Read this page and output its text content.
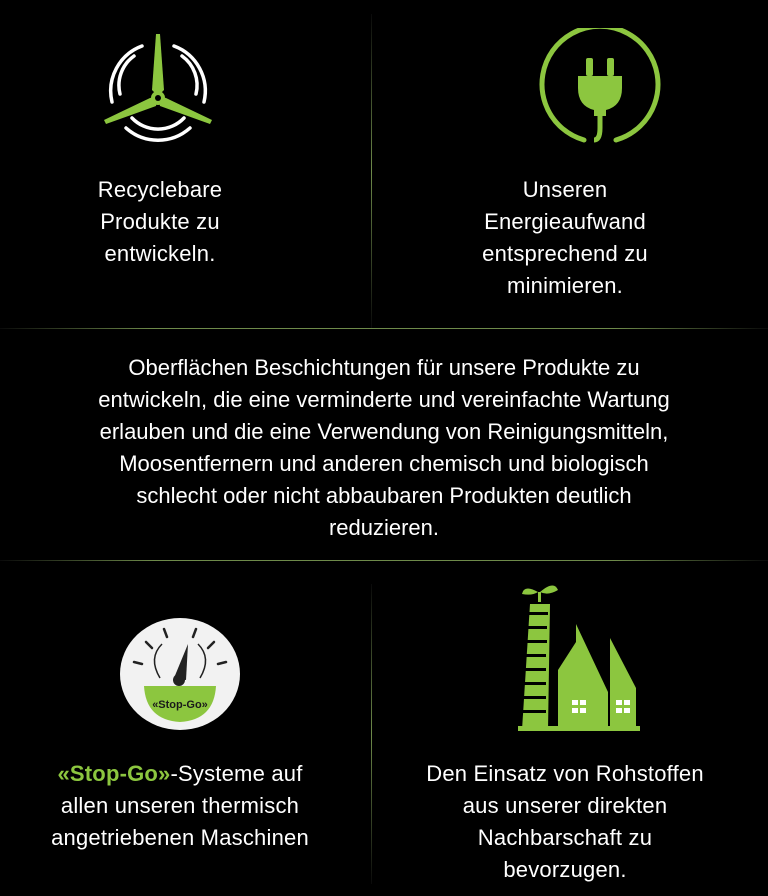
Recyclebare
Produkte zu
entwickeln.
Unseren
Energieaufwand
entsprechend zu
minimieren.
Oberflächen Beschichtungen für unsere Produkte zu
entwickeln, die eine verminderte und vereinfachte Wartung
erlauben und die eine Verwendung von Reinigungsmitteln,
Moosentfernern und anderen chemisch und biologisch
schlecht oder nicht abbaubaren Produkten deutlich
reduzieren.
«Stop-Go»
«Stop-Go»-Systeme auf
allen unseren thermisch
angetriebenen Maschinen
Den Einsatz von Rohstoffen
aus unserer direkten
Nachbarschaft zu
bevorzugen.
